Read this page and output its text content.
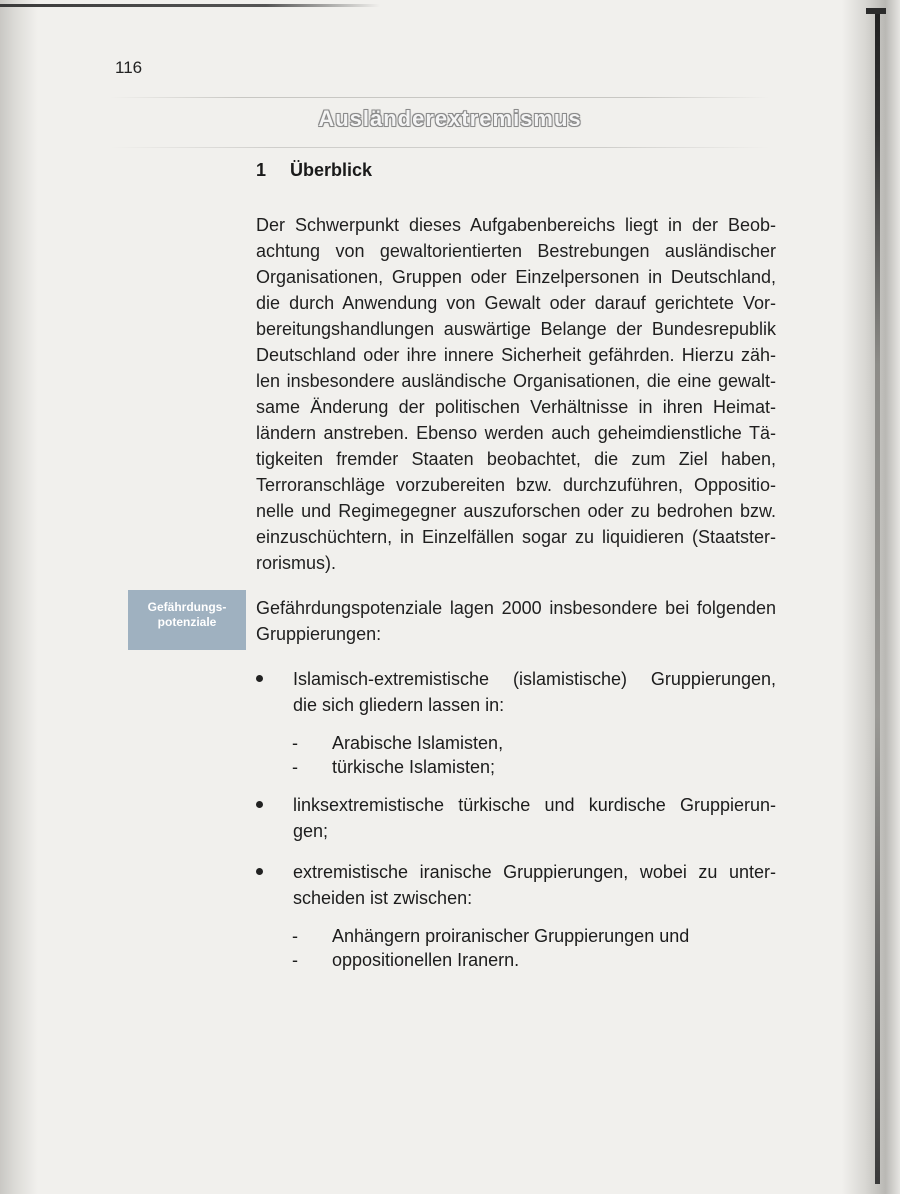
116
Ausländerextremismus
1 Überblick
Der Schwerpunkt dieses Aufgabenbereichs liegt in der Beob-
achtung von gewaltorientierten Bestrebungen ausländischer
Organisationen, Gruppen oder Einzelpersonen in Deutschland,
die durch Anwendung von Gewalt oder darauf gerichtete Vor-
bereitungshandlungen auswärtige Belange der Bundesrepublik
Deutschland oder ihre innere Sicherheit gefährden. Hierzu zäh-
len insbesondere ausländische Organisationen, die eine gewalt-
same Änderung der politischen Verhältnisse in ihren Heimat-
ländern anstreben. Ebenso werden auch geheimdienstliche Tä-
tigkeiten fremder Staaten beobachtet, die zum Ziel haben,
Terroranschläge vorzubereiten bzw. durchzuführen, Oppositio-
nelle und Regimegegner auszuforschen oder zu bedrohen bzw.
einzuschüchtern, in Einzelfällen sogar zu liquidieren (Staatster-
rorismus).
Gefährdungs-
potenziale
Gefährdungspotenziale lagen 2000 insbesondere bei folgenden
Gruppierungen:
Islamisch-extremistische (islamistische) Gruppierungen,
die sich gliedern lassen in:
- Arabische Islamisten,
- türkische Islamisten;
linksextremistische türkische und kurdische Gruppierun-
gen;
extremistische iranische Gruppierungen, wobei zu unter-
scheiden ist zwischen:
- Anhängern proiranischer Gruppierungen und
- oppositionellen Iranern.
